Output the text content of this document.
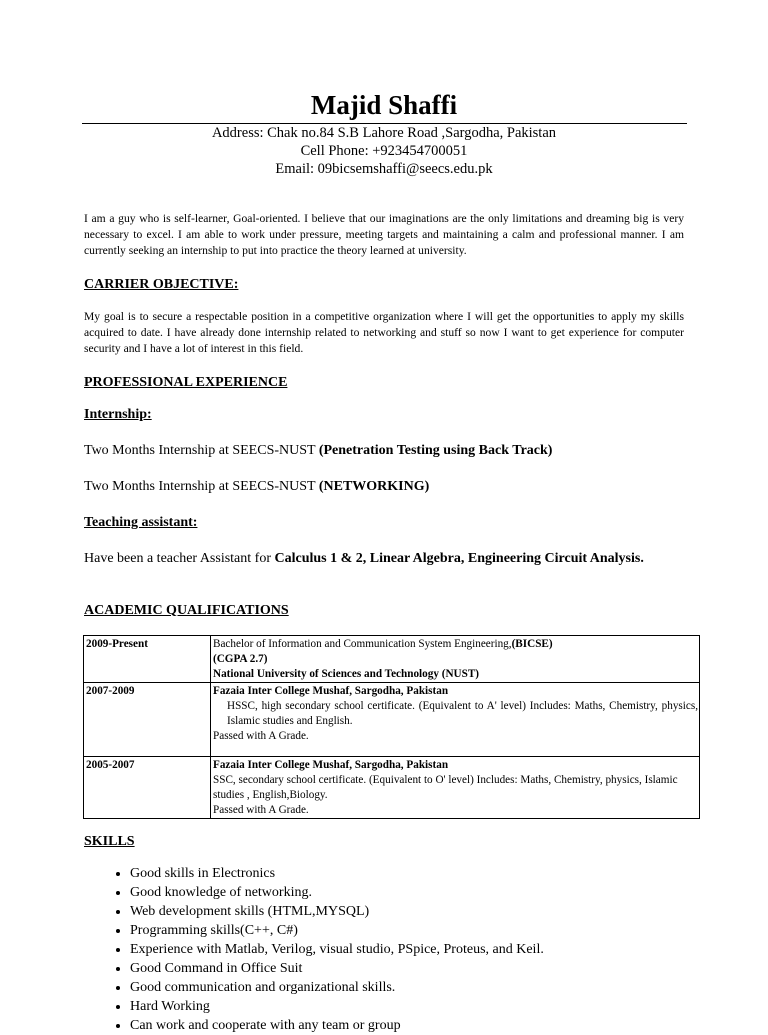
Majid Shaffi
Address: Chak no.84 S.B Lahore Road ,Sargodha, Pakistan
Cell Phone: +923454700051
Email: 09bicsemshaffi@seecs.edu.pk
I am a guy who is self-learner, Goal-oriented. I believe that our imaginations are the only limitations and dreaming big is very necessary to excel. I am able to work under pressure, meeting targets and maintaining a calm and professional manner. I am currently seeking an internship to put into practice the theory learned at university.
CARRIER OBJECTIVE:
My goal is to secure a respectable position in a competitive organization where I will get the opportunities to apply my skills acquired to date. I have already done internship related to networking and stuff so now I want to get experience for computer security and I have a lot of interest in this field.
PROFESSIONAL EXPERIENCE
Internship:
Two Months Internship at SEECS-NUST (Penetration Testing using Back Track)
Two Months Internship at SEECS-NUST (NETWORKING)
Teaching assistant:
Have been a teacher Assistant for Calculus 1 & 2, Linear Algebra, Engineering Circuit Analysis.
ACADEMIC QUALIFICATIONS
2009-Present	Bachelor of Information and Communication System Engineering,(BICSE)
(CGPA 2.7)
National University of Sciences and Technology (NUST)

2007-2009	Fazaia Inter College Mushaf, Sargodha, Pakistan
HSSC, high secondary school certificate. (Equivalent to A' level) Includes: Maths, Chemistry, physics, Islamic studies and English.
Passed with A Grade.

2005-2007	Fazaia Inter College Mushaf, Sargodha, Pakistan
SSC, secondary school certificate. (Equivalent to O' level) Includes: Maths, Chemistry, physics, Islamic studies , English,Biology.
Passed with A Grade.
SKILLS
• Good skills in Electronics
• Good knowledge of networking.
• Web development skills (HTML,MYSQL)
• Programming skills(C++, C#)
• Experience with Matlab, Verilog, visual studio, PSpice, Proteus, and Keil.
• Good Command in Office Suit
• Good communication and organizational skills.
• Hard Working
• Can work and cooperate with any team or group
